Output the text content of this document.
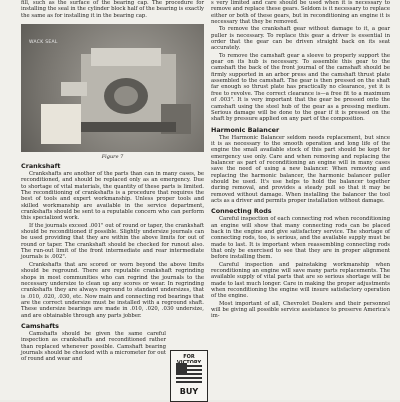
fill, such as the surface of the bearing cap. The procedure for installing the seal in the cylinder block half of the bearing is exactly the same as for installing it in the bearing cap.

WACK SEAL
Figure 7
Crankshaft

Crankshafts are another of the parts than can in many cases, be reconditioned, and should be replaced only as an emergency. Due to shortage of vital materials, the quantity of these parts is limited. The reconditioning of crankshafts is a procedure that requires the best of tools and expert workmanship. Unless proper tools and skilled workmanship are available in the service department, crankshafts should be sent to a reputable concern who can perform this specialized work.

If the journals exceed .001" out of round or taper, the crankshaft should be reconditioned if possible. Slightly undersize journals can be used providing that they are within the above limits for out of round or taper. The crankshaft should be checked for runout also. The run-out limit of the front intermediate and rear intermediate journals is .002".

Crankshafts that are scored or worn beyond the above limits should be reground. There are reputable crankshaft regrinding shops in most communities who can regrind the journals to the necessary undersize to clean up any scores or wear. In regrinding crankshafts they are always reground to standard undersizes, that is .010, .020, .030, etc. Now main and connecting rod bearings that are the correct undersize must be installed with a reground shaft. These undersize bearings are made in .010, .020, .030 undersize, and are obtainable through any parts jobber.

Camshafts

Camshafts should be given the same careful inspection as crankshafts and reconditioned rather than replaced whenever possible. Camshaft bearing journals should be checked with a micrometer for out of round and wear and

s very limited and care should be used when it is necessary to remove and replace these gears. Seldom is it necessary to replace either or both of these gears, but in reconditioning an engine it is necessary that they be removed.

To remove the crankshaft gear without damage to it, a gear puller is necessary. To replace this gear a driver is essential in order that the gear can be driven straight back on its seat accurately.

To remove the camshaft gear a sleeve to properly support the gear on its hub is necessary. To assemble this gear to the camshaft the back of the front journal of the camshaft should be firmly supported in an arbor press and the camshaft thrust plate assembled to the camshaft. The gear is then pressed on the shaft far enough so thrust plate has practically no clearance, yet it is free to revolve. The correct clearance is—a free fit to a maximum of .003". It is very important that the gear be pressed onto the camshaft using the steel hub of the gear as a pressing medium. Serious damage will be done to the gear if it is pressed on the shaft by pressure applied on any part of the composition.

Harmonic Balancer

The Harmonic Balancer seldom needs replacement, but since it is as necessary to the smooth operation and long life of the engine the small available stock of this part should be kept for emergency use only. Care and when removing and replacing the balancer as part of reconditioning an engine will in many cases save the need of using a new balancer. When removing and replacing the harmonic balancer, the harmonic balancer puller should be used. It's use helps to hold the balancer together during removal, and provides a steady pull so that it may be removed without damage. When installing the balancer the tool acts as a driver and permits proper installation without damage.

Connecting Rods

Careful inspection of each connecting rod when reconditioning an engine will show that many connecting rods can be placed back in the engine and give satisfactory service. The shortage of connecting rods, too, is serious, and the available supply must be made to last. It is important when reassembling connecting rods that only be exercised to see that they are in proper alignment before installing them.

Careful inspection and painstaking workmanship when reconditioning an engine will save many parts replacements. The available supply of vital parts that are so serious shortage will be made to last much longer. Care in making the proper adjustments when reconditioning the engine will insure satisfactory operation of the engine.

Most important of all, Chevrolet Dealers and their personnel will be giving all possible service assistance to preserve America's im-

FOR
BUY
